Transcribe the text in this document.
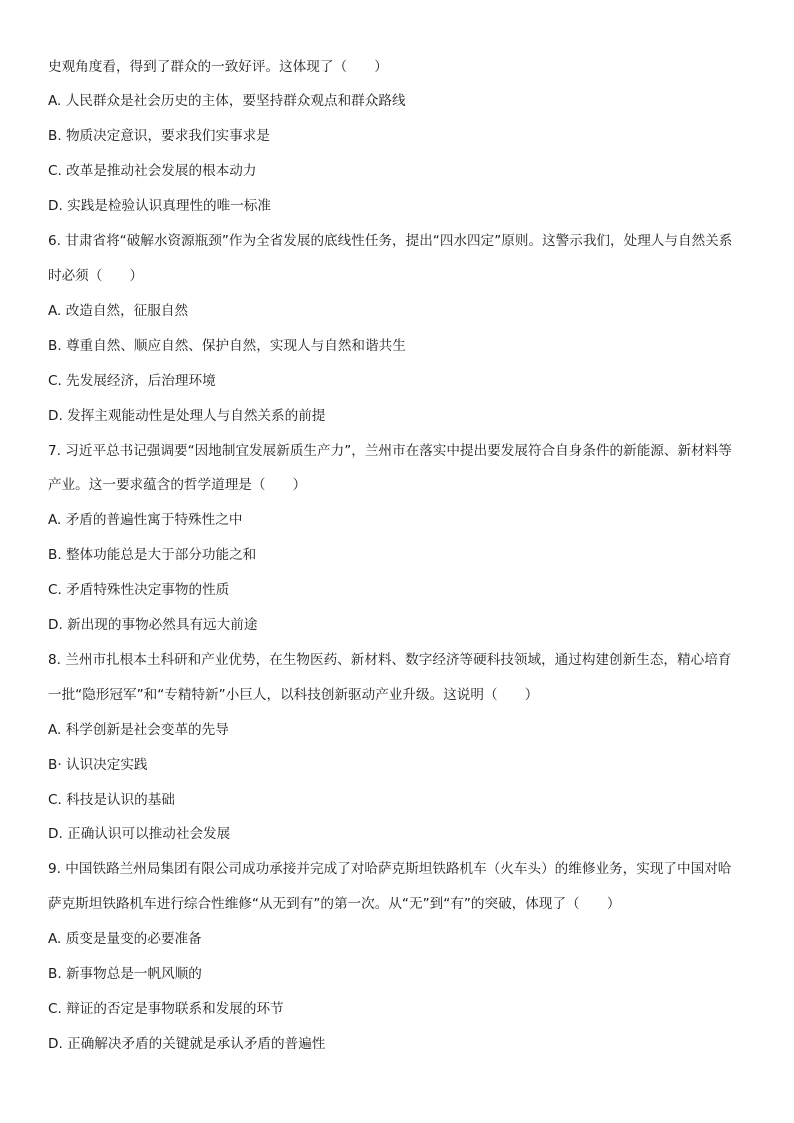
史观角度看，得到了群众的一致好评。这体现了（　　）
A. 人民群众是社会历史的主体，要坚持群众观点和群众路线
B. 物质决定意识，要求我们实事求是
C. 改革是推动社会发展的根本动力
D. 实践是检验认识真理性的唯一标准
6. 甘肃省将“破解水资源瓶颈”作为全省发展的底线性任务，提出“四水四定”原则。这警示我们，处理人与自然关系
时必须（　　）
A. 改造自然，征服自然
B. 尊重自然、顺应自然、保护自然，实现人与自然和谐共生
C. 先发展经济，后治理环境
D. 发挥主观能动性是处理人与自然关系的前提
7. 习近平总书记强调要“因地制宜发展新质生产力”，兰州市在落实中提出要发展符合自身条件的新能源、新材料等
产业。这一要求蕴含的哲学道理是（　　）
A. 矛盾的普遍性寓于特殊性之中
B. 整体功能总是大于部分功能之和
C. 矛盾特殊性决定事物的性质
D. 新出现的事物必然具有远大前途
8. 兰州市扎根本土科研和产业优势，在生物医药、新材料、数字经济等硬科技领域，通过构建创新生态，精心培育
一批“隐形冠军”和“专精特新”小巨人，以科技创新驱动产业升级。这说明（　　）
A. 科学创新是社会变革的先导
B· 认识决定实践
C. 科技是认识的基础
D. 正确认识可以推动社会发展
9. 中国铁路兰州局集团有限公司成功承接并完成了对哈萨克斯坦铁路机车（火车头）的维修业务，实现了中国对哈
萨克斯坦铁路机车进行综合性维修“从无到有”的第一次。从“无”到“有”的突破，体现了（　　）
A. 质变是量变的必要准备
B. 新事物总是一帆风顺的
C. 辩证的否定是事物联系和发展的环节
D. 正确解决矛盾的关键就是承认矛盾的普遍性
